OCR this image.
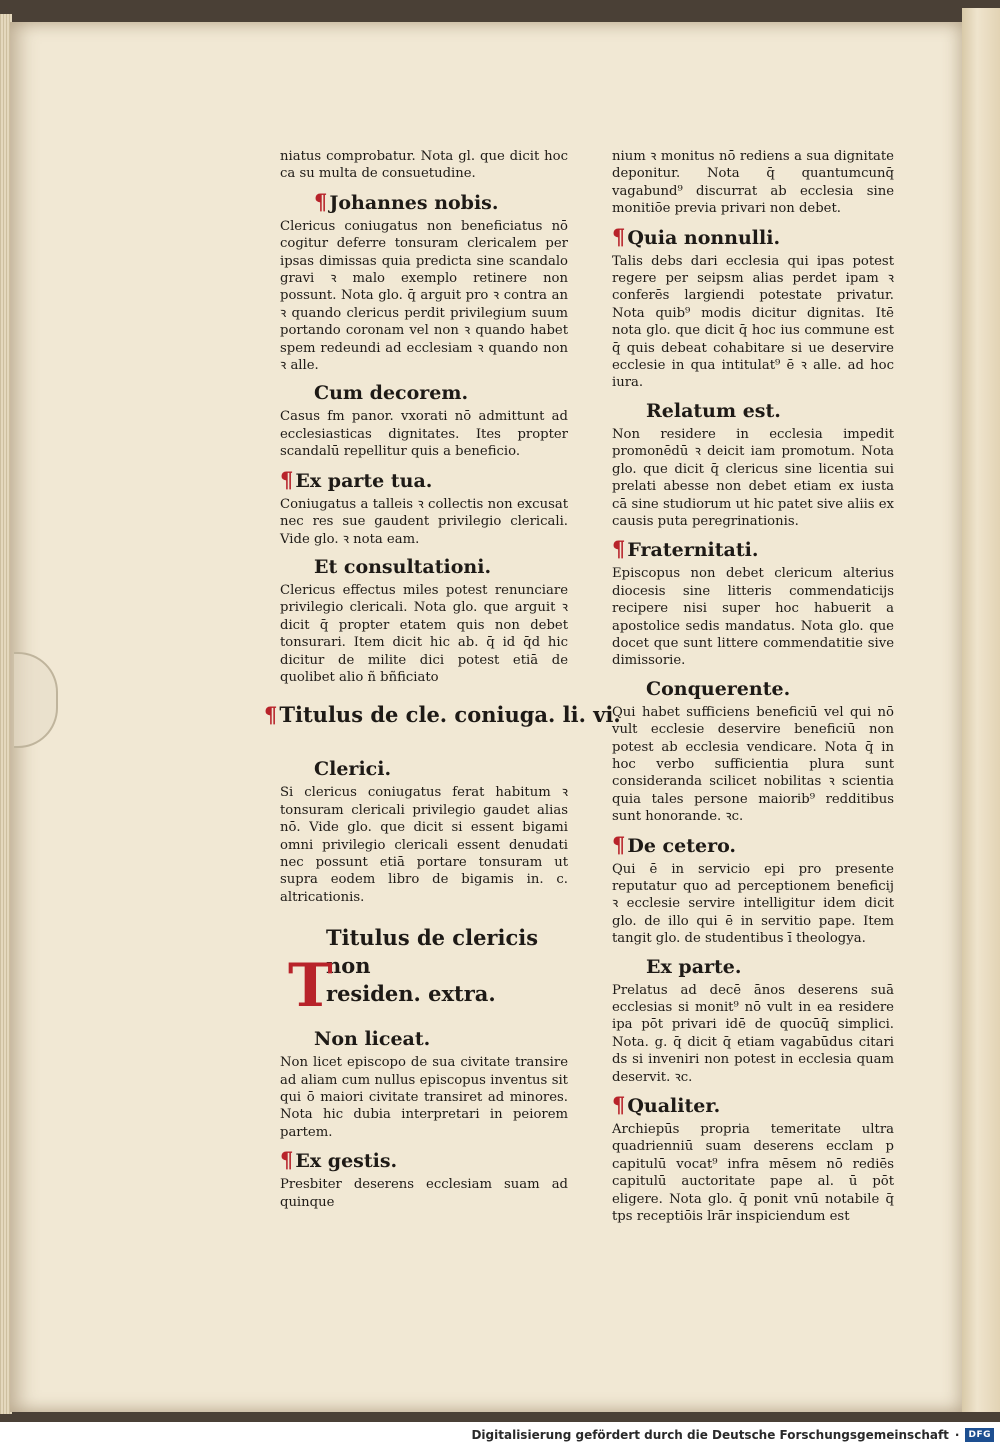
niatus comprobatur. Nota gl. que dicit hoc ca su multa de consuetudine.

¶ Johannes nobis.

Clericus coniugatus non beneficiatus nō cogitur deferre tonsuram clericalem per ipsas dimissas quia predicta sine scandalo gravi ꝛ malo exemplo retinere non possunt. Nota glo. q̄ arguit pro ꝛ contra an ꝛ quando clericus perdit privilegium suum portando coronam vel non ꝛ quando habet spem redeundi ad ecclesiam ꝛ quando non ꝛ alle.

Cum decorem.

Casus fm panor. vxorati nō admittunt ad ecclesiasticas dignitates. Ites propter scandalū repellitur quis a beneficio.

¶ Ex parte tua.

Coniugatus a talleis ꝛ collectis non excusat nec res sue gaudent privilegio clericali. Vide glo. ꝛ nota eam.

Et consultationi.

Clericus effectus miles potest renunciare privilegio clericali. Nota glo. que arguit ꝛ dicit q̄ propter etatem quis non debet tonsurari. Item dicit hic ab. q̄ id q̄d hic dicitur de milite dici potest etiā de quolibet alio ñ bñficiato

¶Titulus de cle. coniuga. li. vi.
Clerici.

Si clericus coniugatus ferat habitum ꝛ tonsuram clericali privilegio gaudet alias nō. Vide glo. que dicit si essent bigami omni privilegio clericali essent denudati nec possunt etiā portare tonsuram ut supra eodem libro de bigamis in. c. altricationis.

Titulus de clericis non
T
residen. extra.
Non liceat.

Non licet episcopo de sua civitate transire ad aliam cum nullus episcopus inventus sit qui ō maiori civitate transiret ad minores. Nota hic dubia interpretari in peiorem partem.

¶ Ex gestis.

Presbiter deserens ecclesiam suam ad quinque

nium ꝛ monitus nō rediens a sua dignitate deponitur. Nota q̄ quantumcunq̄ vagabund⁹ discurrat ab ecclesia sine monitiōe previa privari non debet.

¶ Quia nonnulli.

Talis debs dari ecclesia qui ipas potest regere per seipsm alias perdet ipam ꝛ conferēs largiendi potestate privatur. Nota quib⁹ modis dicitur dignitas. Itē nota glo. que dicit q̄ hoc ius commune est q̄ quis debeat cohabitare si ue deservire ecclesie in qua intitulat⁹ ē ꝛ alle. ad hoc iura.

Relatum est.

Non residere in ecclesia impedit promonēdū ꝛ deicit iam promotum. Nota glo. que dicit q̄ clericus sine licentia sui prelati abesse non debet etiam ex iusta cā sine studiorum ut hic patet sive aliis ex causis puta peregrinationis.

¶ Fraternitati.

Episcopus non debet clericum alterius diocesis sine litteris commendaticijs recipere nisi super hoc habuerit a apostolice sedis mandatus. Nota glo. que docet que sunt littere commendatitie sive dimissorie.

Conquerente.

Qui habet sufficiens beneficiū vel qui nō vult ecclesie deservire beneficiū non potest ab ecclesia vendicare. Nota q̄ in hoc verbo sufficientia plura sunt consideranda scilicet nobilitas ꝛ scientia quia tales persone maiorib⁹ redditibus sunt honorande. ꝛc.

¶ De cetero.

Qui ē in servicio epi pro presente reputatur quo ad perceptionem beneficij ꝛ ecclesie servire intelligitur idem dicit glo. de illo qui ē in servitio pape. Item tangit glo. de studentibus ī theologya.

Ex parte.

Prelatus ad decē ānos deserens suā ecclesias si monit⁹ nō vult in ea residere ipa pōt privari idē de quocūq̄ simplici. Nota. g. q̄ dicit q̄ etiam vagabūdus citari ds si inveniri non potest in ecclesia quam deservit. ꝛc.

¶ Qualiter.

Archiepūs propria temeritate ultra quadrienniū suam deserens ecclam p capitulū vocat⁹ infra mēsem nō rediēs capitulū auctoritate pape al. ū pōt eligere. Nota glo. q̄ ponit vnū notabile q̄ tps receptiōis lrār inspiciendum est

Digitalisierung gefördert durch die Deutsche Forschungsgemeinschaft ·	DFG
